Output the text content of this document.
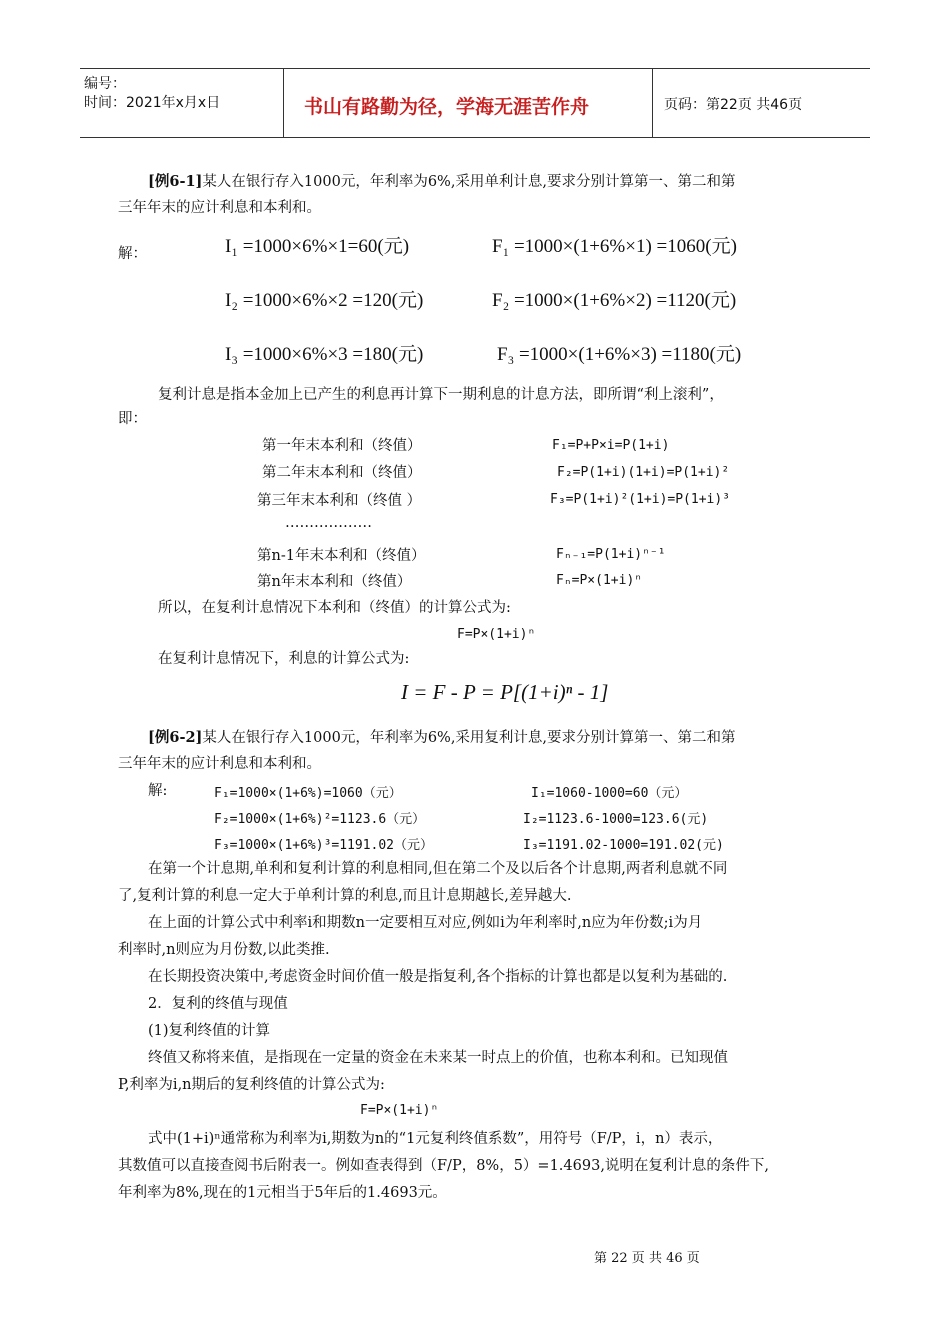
编号：
时间：2021年x月x日	书山有路勤为径，学海无涯苦作舟	页码：第22页 共46页
[例6-1]某人在银行存入1000元，年利率为6%,采用单利计息,要求分别计算第一、第二和第
三年年末的应计利息和本利和。
解：	I₁ =1000×6%×1=60(元)	F₁ =1000×(1+6%×1) =1060(元)
I₂ =1000×6%×2 =120(元)	F₂ =1000×(1+6%×2) =1120(元)
I₃ =1000×6%×3 =180(元)	F₃ =1000×(1+6%×3) =1180(元)
复利计息是指本金加上已产生的利息再计算下一期利息的计息方法，即所谓“利上滚利”，
即：
第一年末本利和（终值）	F₁=P+P×i=P(1+i)
第二年末本利和（终值）	F₂=P(1+i)(1+i)=P(1+i)²
第三年末本利和（终值 ）	F₃=P(1+i)²(1+i)=P(1+i)³
………………
第n-1年末本利和（终值）	Fₙ₋₁=P(1+i)ⁿ⁻¹
第n年末本利和（终值）	Fₙ=P×(1+i)ⁿ
所以，在复利计息情况下本利和（终值）的计算公式为:
F=P×(1+i)ⁿ
在复利计息情况下，利息的计算公式为:
I = F - P = P[(1+i)ⁿ - 1]
[例6-2]某人在银行存入1000元，年利率为6%,采用复利计息,要求分别计算第一、第二和第
三年年末的应计利息和本利和。
解:	F₁=1000×(1+6%)=1060（元）	I₁=1060-1000=60（元）
F₂=1000×(1+6%)²=1123.6（元）	I₂=1123.6-1000=123.6(元)
F₃=1000×(1+6%)³=1191.02（元）	I₃=1191.02-1000=191.02(元)
在第一个计息期,单利和复利计算的利息相同,但在第二个及以后各个计息期,两者利息就不同
了,复利计算的利息一定大于单利计算的利息,而且计息期越长,差异越大.
在上面的计算公式中利率i和期数n一定要相互对应,例如i为年利率时,n应为年份数;i为月
利率时,n则应为月份数,以此类推.
在长期投资决策中,考虑资金时间价值一般是指复利,各个指标的计算也都是以复利为基础的.
2．复利的终值与现值
(1)复利终值的计算
终值又称将来值，是指现在一定量的资金在未来某一时点上的价值，也称本利和。已知现值
P,利率为i,n期后的复利终值的计算公式为:
F=P×(1+i)ⁿ
式中(1+i)ⁿ通常称为利率为i,期数为n的“1元复利终值系数”，用符号（F/P，i，n）表示，
其数值可以直接查阅书后附表一。例如查表得到（F/P，8%，5）=1.4693,说明在复利计息的条件下,
年利率为8%,现在的1元相当于5年后的1.4693元。
第 22 页 共 46 页
